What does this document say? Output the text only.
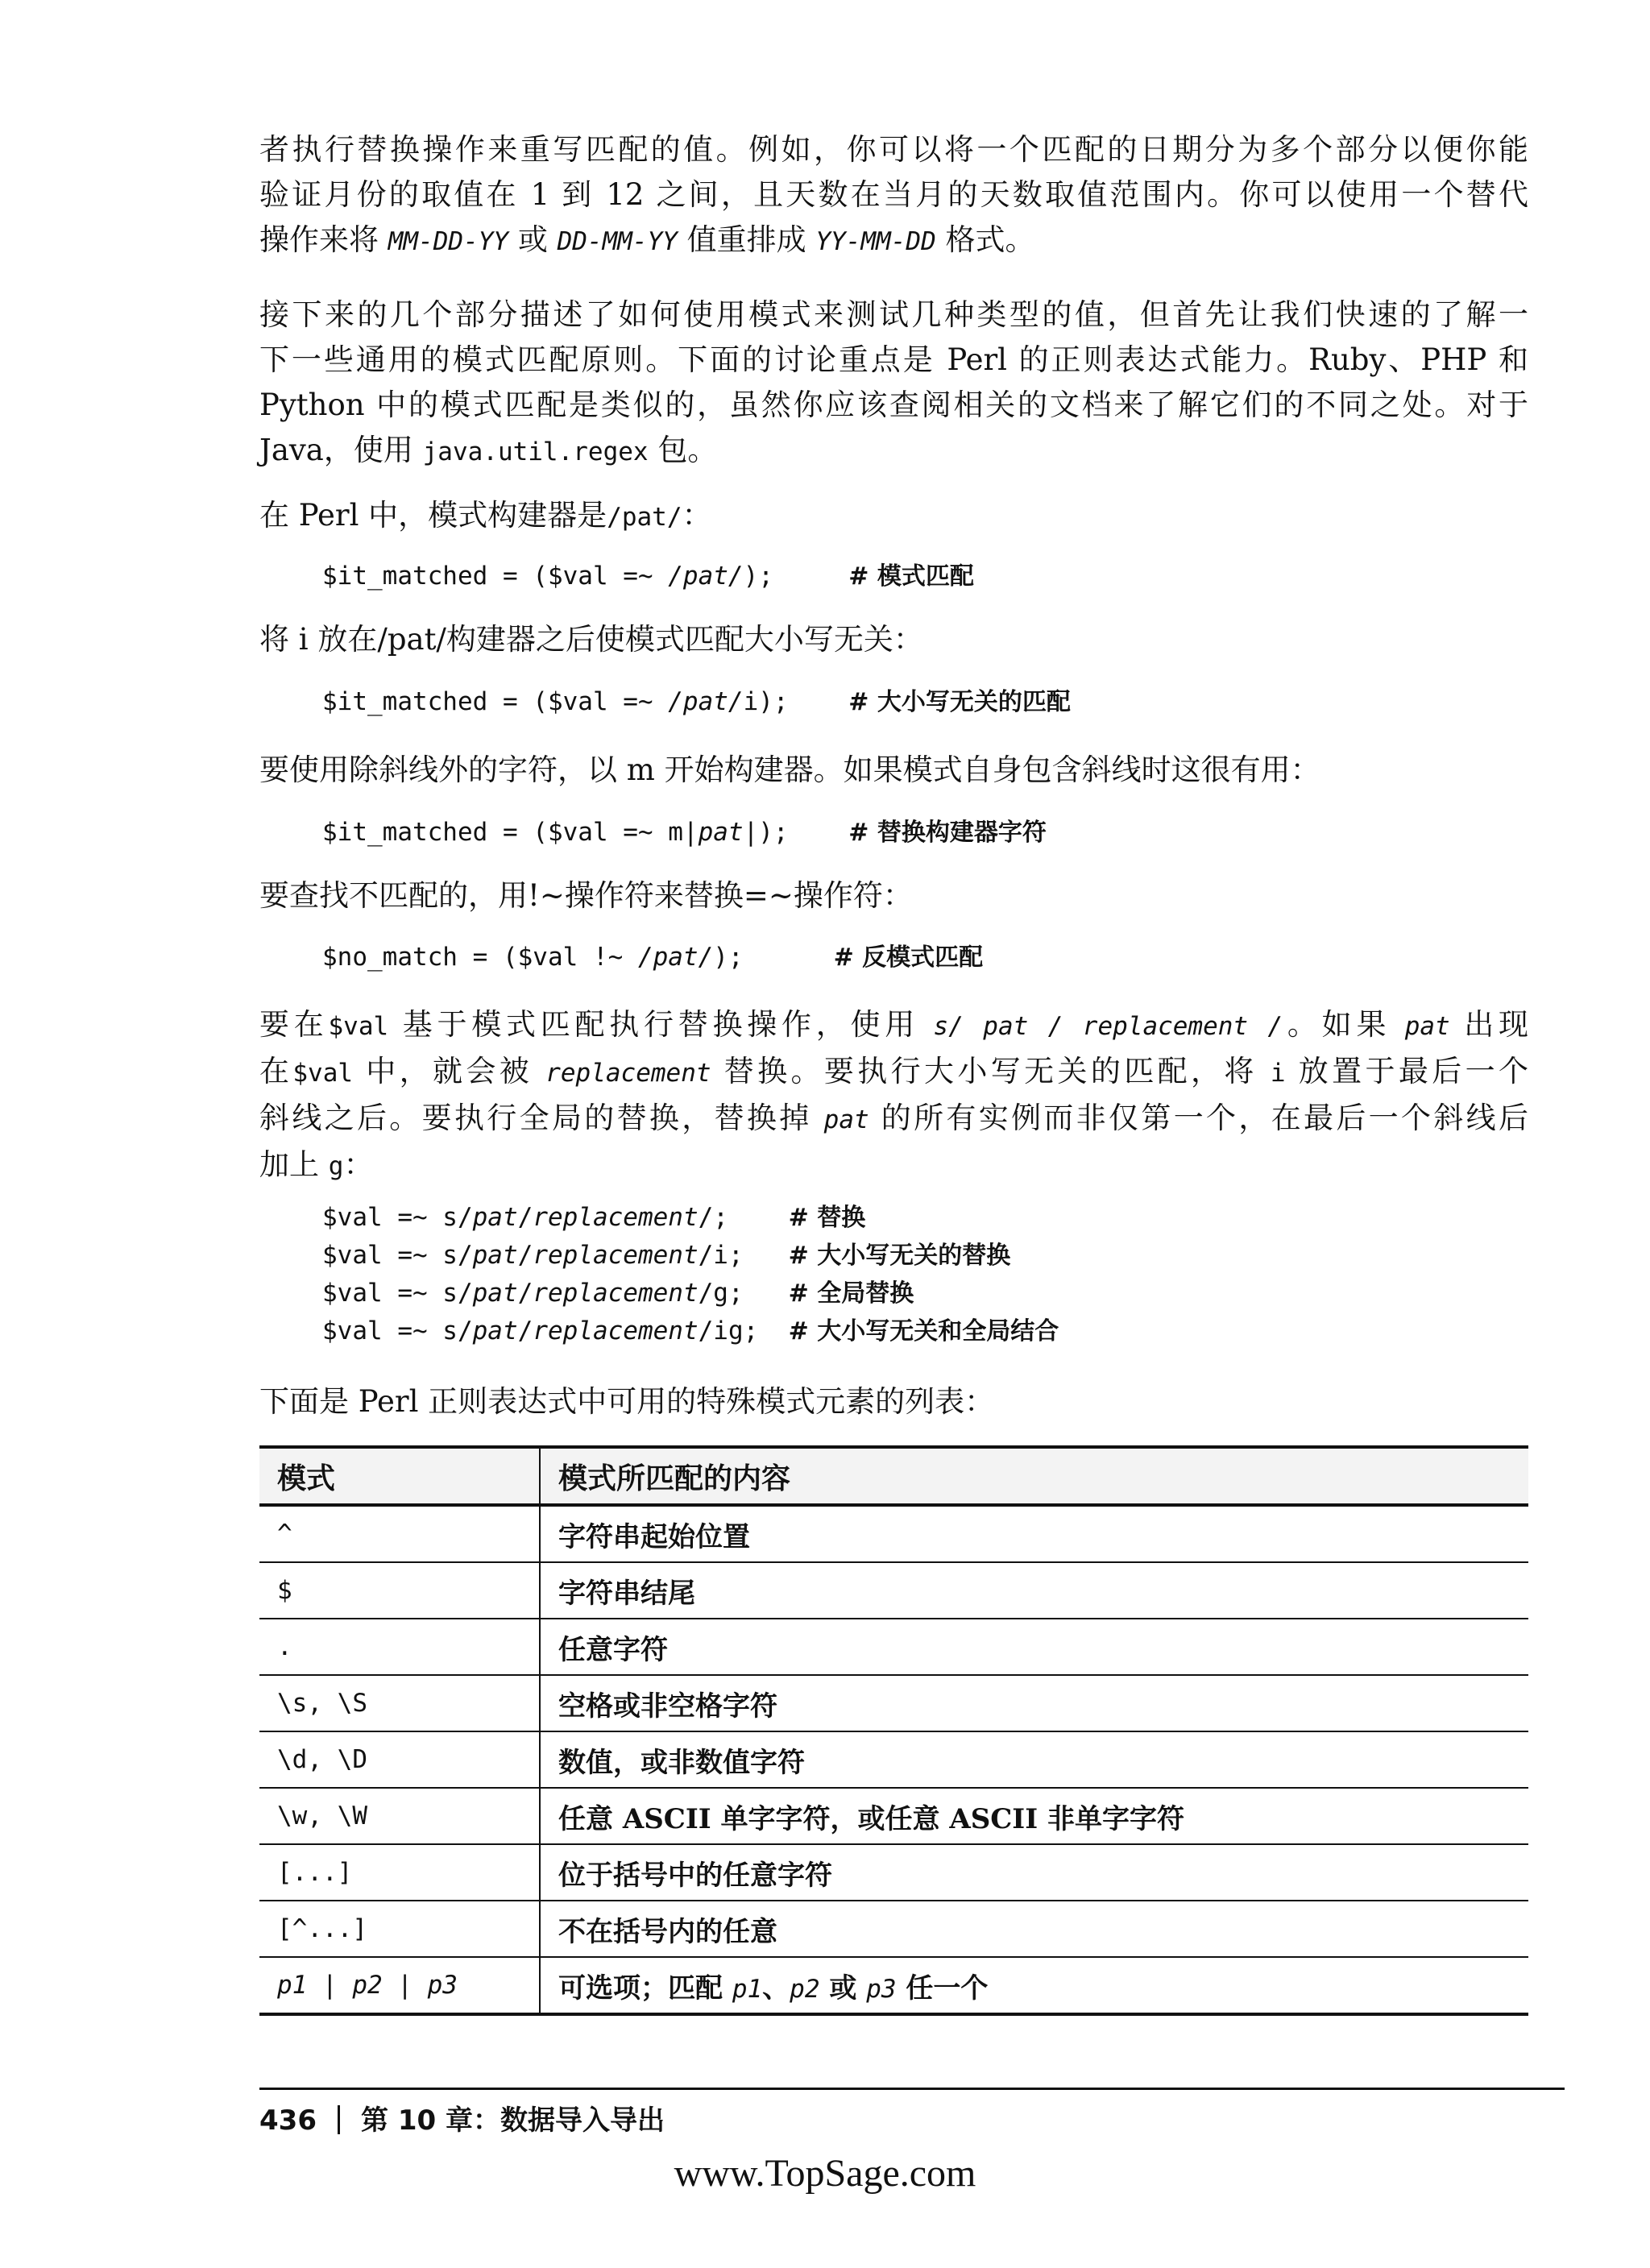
者执行替换操作来重写匹配的值。例如，你可以将一个匹配的日期分为多个部分以便你能
验证月份的取值在 1 到 12 之间，且天数在当月的天数取值范围内。你可以使用一个替代
操作来将 MM-DD-YY 或 DD-MM-YY 值重排成 YY-MM-DD 格式。
接下来的几个部分描述了如何使用模式来测试几种类型的值，但首先让我们快速的了解一
下一些通用的模式匹配原则。下面的讨论重点是 Perl 的正则表达式能力。Ruby、PHP 和
Python 中的模式匹配是类似的，虽然你应该查阅相关的文档来了解它们的不同之处。对于
Java，使用 java.util.regex 包。
在 Perl 中，模式构建器是/pat/：
$it_matched = ($val =~ /pat/);	# 模式匹配
将 i 放在/pat/构建器之后使模式匹配大小写无关：
$it_matched = ($val =~ /pat/i); # 大小写无关的匹配
要使用除斜线外的字符，以 m 开始构建器。如果模式自身包含斜线时这很有用：
$it_matched = ($val =~ m|pat|); # 替换构建器字符
要查找不匹配的，用!~操作符来替换=~操作符：
$no_match = ($val !~ /pat/);	# 反模式匹配
要在$val 基于模式匹配执行替换操作，使用 s/ pat / replacement /。如果 pat 出现
在$val 中，就会被 replacement 替换。要执行大小写无关的匹配，将 i 放置于最后一个
斜线之后。要执行全局的替换，替换掉 pat 的所有实例而非仅第一个，在最后一个斜线后
加上 g：
$val =~ s/pat/replacement/; # 替换
$val =~ s/pat/replacement/i; # 大小写无关的替换
$val =~ s/pat/replacement/g; # 全局替换
$val =~ s/pat/replacement/ig; # 大小写无关和全局结合
下面是 Perl 正则表达式中可用的特殊模式元素的列表：
模式	模式所匹配的内容
^	字符串起始位置
$	字符串结尾
.	任意字符
\s, \S	空格或非空格字符
\d, \D	数值，或非数值字符
\w, \W	任意 ASCII 单字字符，或任意 ASCII 非单字字符
[...]	位于括号中的任意字符
[^...]	不在括号内的任意
p1 | p2 | p3	可选项；匹配 p1、p2 或 p3 任一个
436 第 10 章：数据导入导出
www.TopSage.com
